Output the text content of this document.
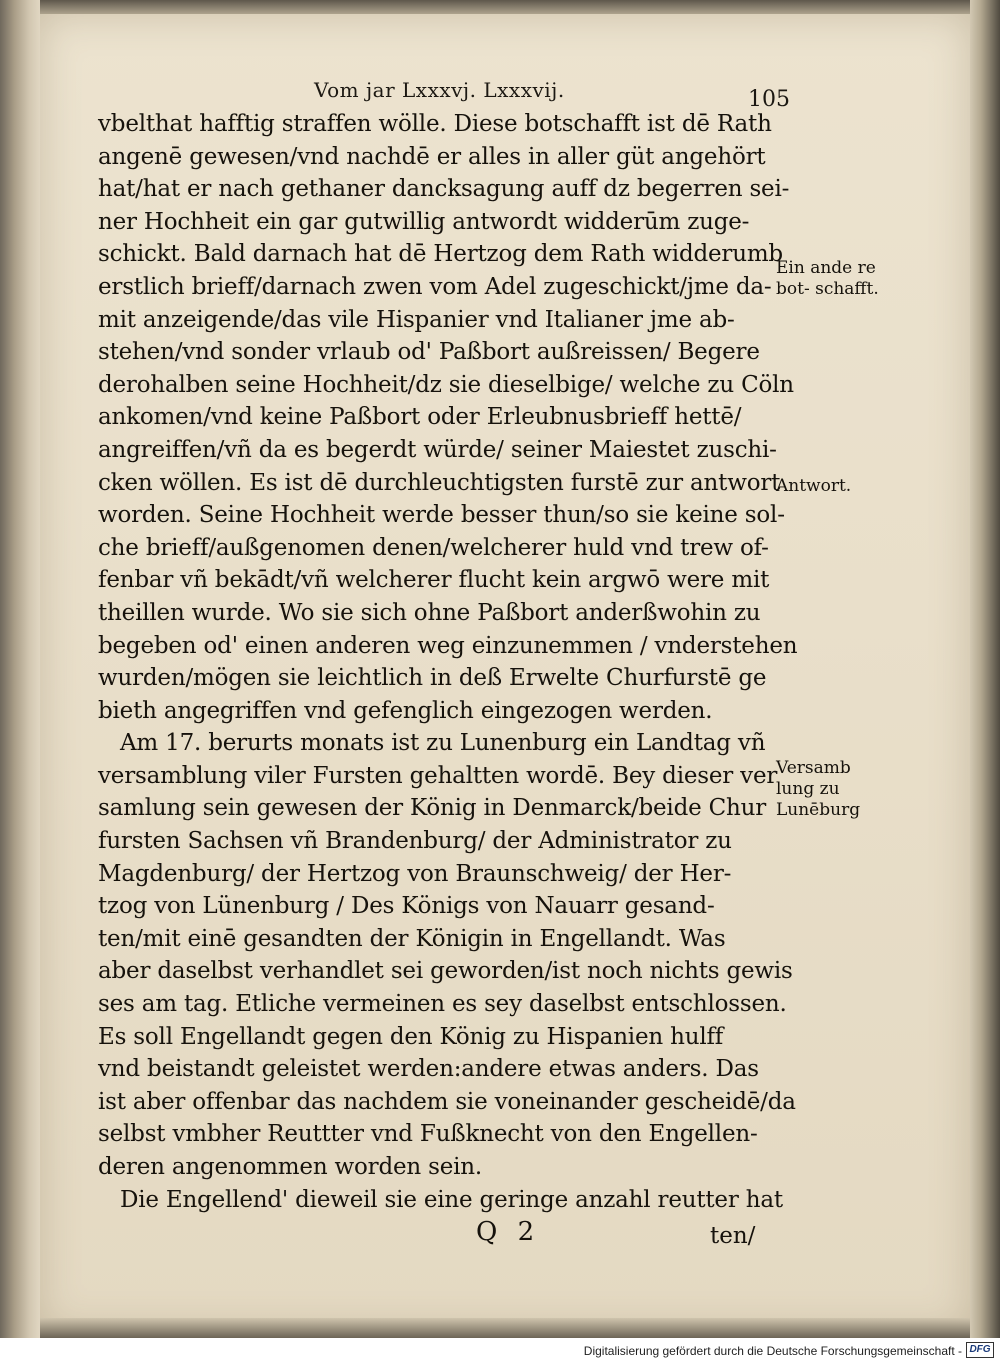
Vom jar Lxxxvj. Lxxxvij.	105
vbelthat hafftig straffen wölle. Diese botschafft ist dē Rath
angenē gewesen/vnd nachdē er alles in aller güt angehört
hat/hat er nach gethaner dancksagung auff dz begerren sei-
ner Hochheit ein gar gutwillig antwordt widderūm zuge-
schickt. Bald darnach hat dē Hertzog dem Rath widderumb
erstlich brieff/darnach zwen vom Adel zugeschickt/jme da-
mit anzeigende/das vile Hispanier vnd Italianer jme ab-
stehen/vnd sonder vrlaub od' Paßbort außreissen/ Begere
derohalben seine Hochheit/dz sie dieselbige/ welche zu Cöln
ankomen/vnd keine Paßbort oder Erleubnusbrieff hettē/
angreiffen/vñ da es begerdt würde/ seiner Maiestet zuschi-
cken wöllen. Es ist dē durchleuchtigsten furstē zur antwort
worden. Seine Hochheit werde besser thun/so sie keine sol-
che brieff/außgenomen denen/welcherer huld vnd trew of-
fenbar vñ bekādt/vñ welcherer flucht kein argwō were mit
theillen wurde. Wo sie sich ohne Paßbort anderßwohin zu
begeben od' einen anderen weg einzunemmen / vnderstehen
wurden/mögen sie leichtlich in deß Erwelte Churfurstē ge
bieth angegriffen vnd gefenglich eingezogen werden.
Am 17. berurts monats ist zu Lunenburg ein Landtag vñ
versamblung viler Fursten gehaltten wordē. Bey dieser ver
samlung sein gewesen der König in Denmarck/beide Chur
fursten Sachsen vñ Brandenburg/ der Administrator zu
Magdenburg/ der Hertzog von Braunschweig/ der Her-
tzog von Lünenburg / Des Königs von Nauarr gesand-
ten/mit einē gesandten der Königin in Engellandt. Was
aber daselbst verhandlet sei geworden/ist noch nichts gewis
ses am tag. Etliche vermeinen es sey daselbst entschlossen.
Es soll Engellandt gegen den König zu Hispanien hulff
vnd beistandt geleistet werden:andere etwas anders. Das
ist aber offenbar das nachdem sie voneinander gescheidē/da
selbst vmbher Reuttter vnd Fußknecht von den Engellen-
deren angenommen worden sein.
Die Engellend' dieweil sie eine geringe anzahl reutter hat
Ein ande re bot- schafft.
Antwort.
Versamb lung zu Lunēburg
Q 2	ten/
Digitalisierung gefördert durch die Deutsche Forschungsgemeinschaft - DFG
